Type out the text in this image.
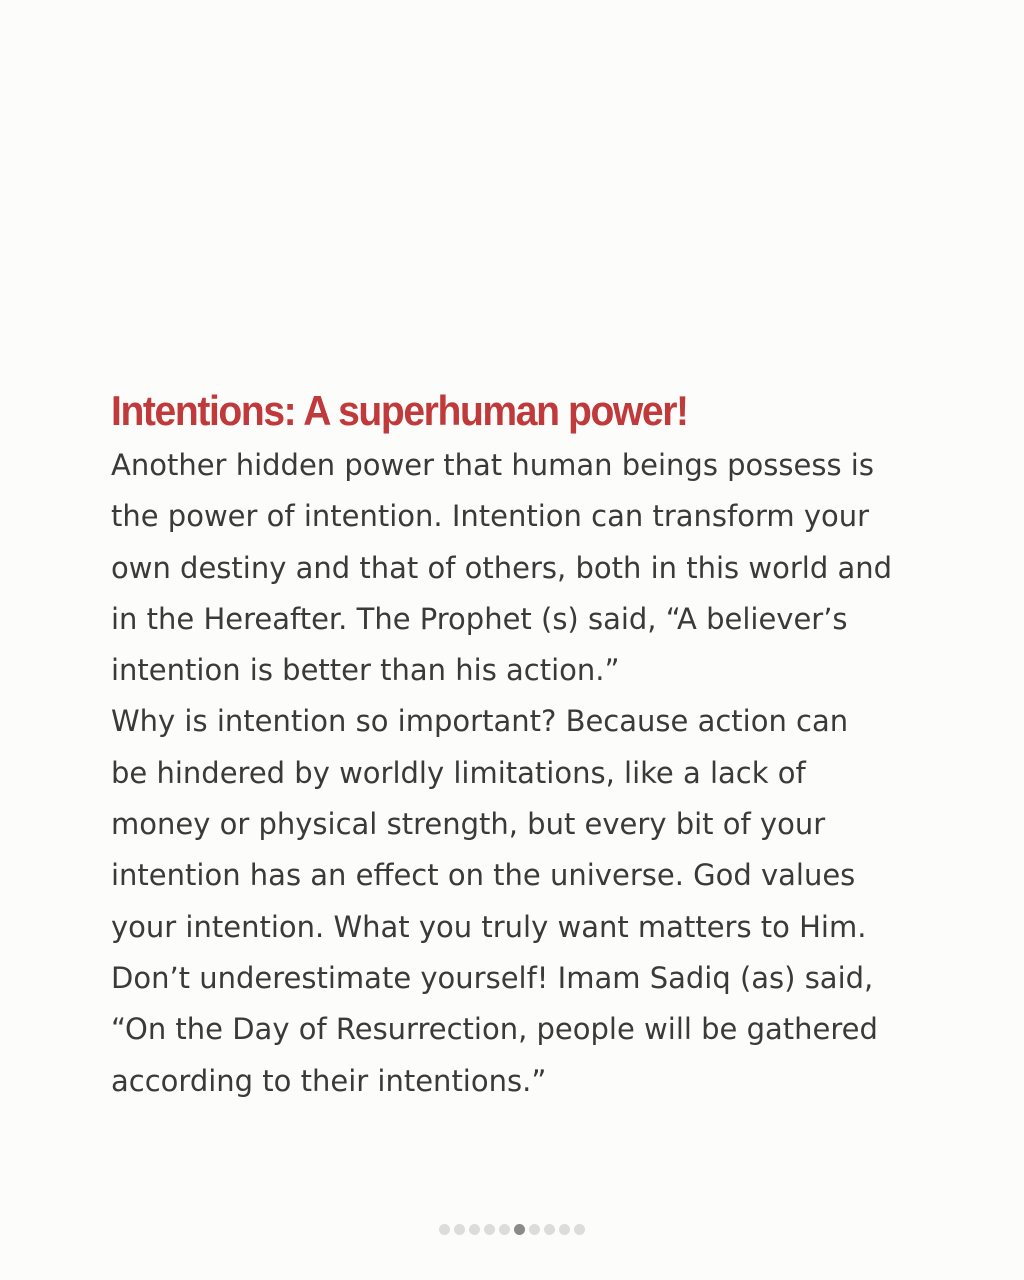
Intentions: A superhuman power!

Another hidden power that human beings possess is
the power of intention. Intention can transform your
own destiny and that of others, both in this world and
in the Hereafter. The Prophet (s) said, “A believer’s
intention is better than his action.”
Why is intention so important? Because action can
be hindered by worldly limitations, like a lack of
money or physical strength, but every bit of your
intention has an effect on the universe. God values
your intention. What you truly want matters to Him.
Don’t underestimate yourself! Imam Sadiq (as) said,
“On the Day of Resurrection, people will be gathered
according to their intentions.”
